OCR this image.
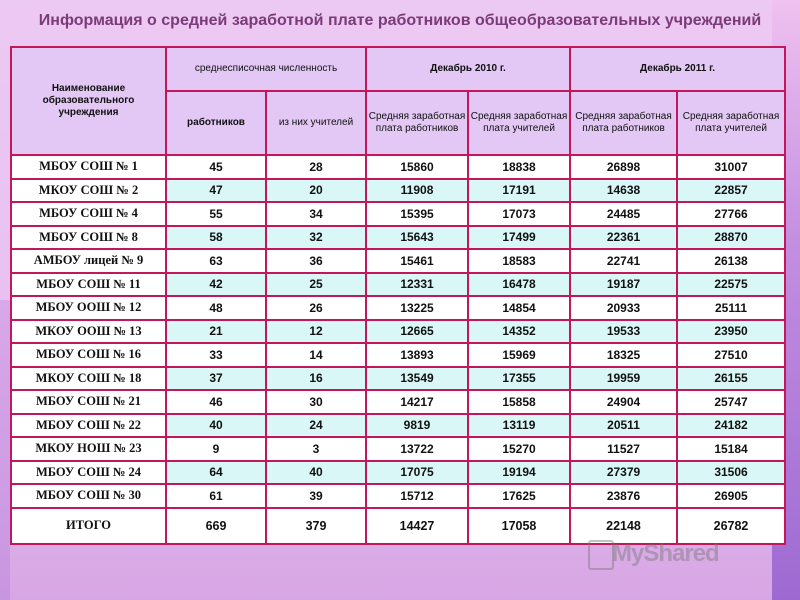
Информация о средней заработной плате работников общеобразовательных учреждений
Наименование образовательного учреждения	среднесписочная численность		Декабрь 2010 г.		Декабрь 2011 г.	
	работников	из них учителей	Средняя заработная плата работников	Средняя заработная плата учителей	Средняя заработная плата работников	Средняя заработная плата учителей
МБОУ СОШ № 1	45	28	15860	18838	26898	31007
МКОУ СОШ № 2	47	20	11908	17191	14638	22857
МБОУ СОШ № 4	55	34	15395	17073	24485	27766
МБОУ СОШ № 8	58	32	15643	17499	22361	28870
АМБОУ лицей № 9	63	36	15461	18583	22741	26138
МБОУ СОШ № 11	42	25	12331	16478	19187	22575
МБОУ ООШ № 12	48	26	13225	14854	20933	25111
МКОУ ООШ № 13	21	12	12665	14352	19533	23950
МБОУ СОШ № 16	33	14	13893	15969	18325	27510
МКОУ СОШ № 18	37	16	13549	17355	19959	26155
МБОУ СОШ № 21	46	30	14217	15858	24904	25747
МБОУ СОШ № 22	40	24	9819	13119	20511	24182
МКОУ НОШ № 23	9	3	13722	15270	11527	15184
МБОУ СОШ № 24	64	40	17075	19194	27379	31506
МБОУ СОШ № 30	61	39	15712	17625	23876	26905
ИТОГО	669	379	14427	17058	22148	26782
MyShared
